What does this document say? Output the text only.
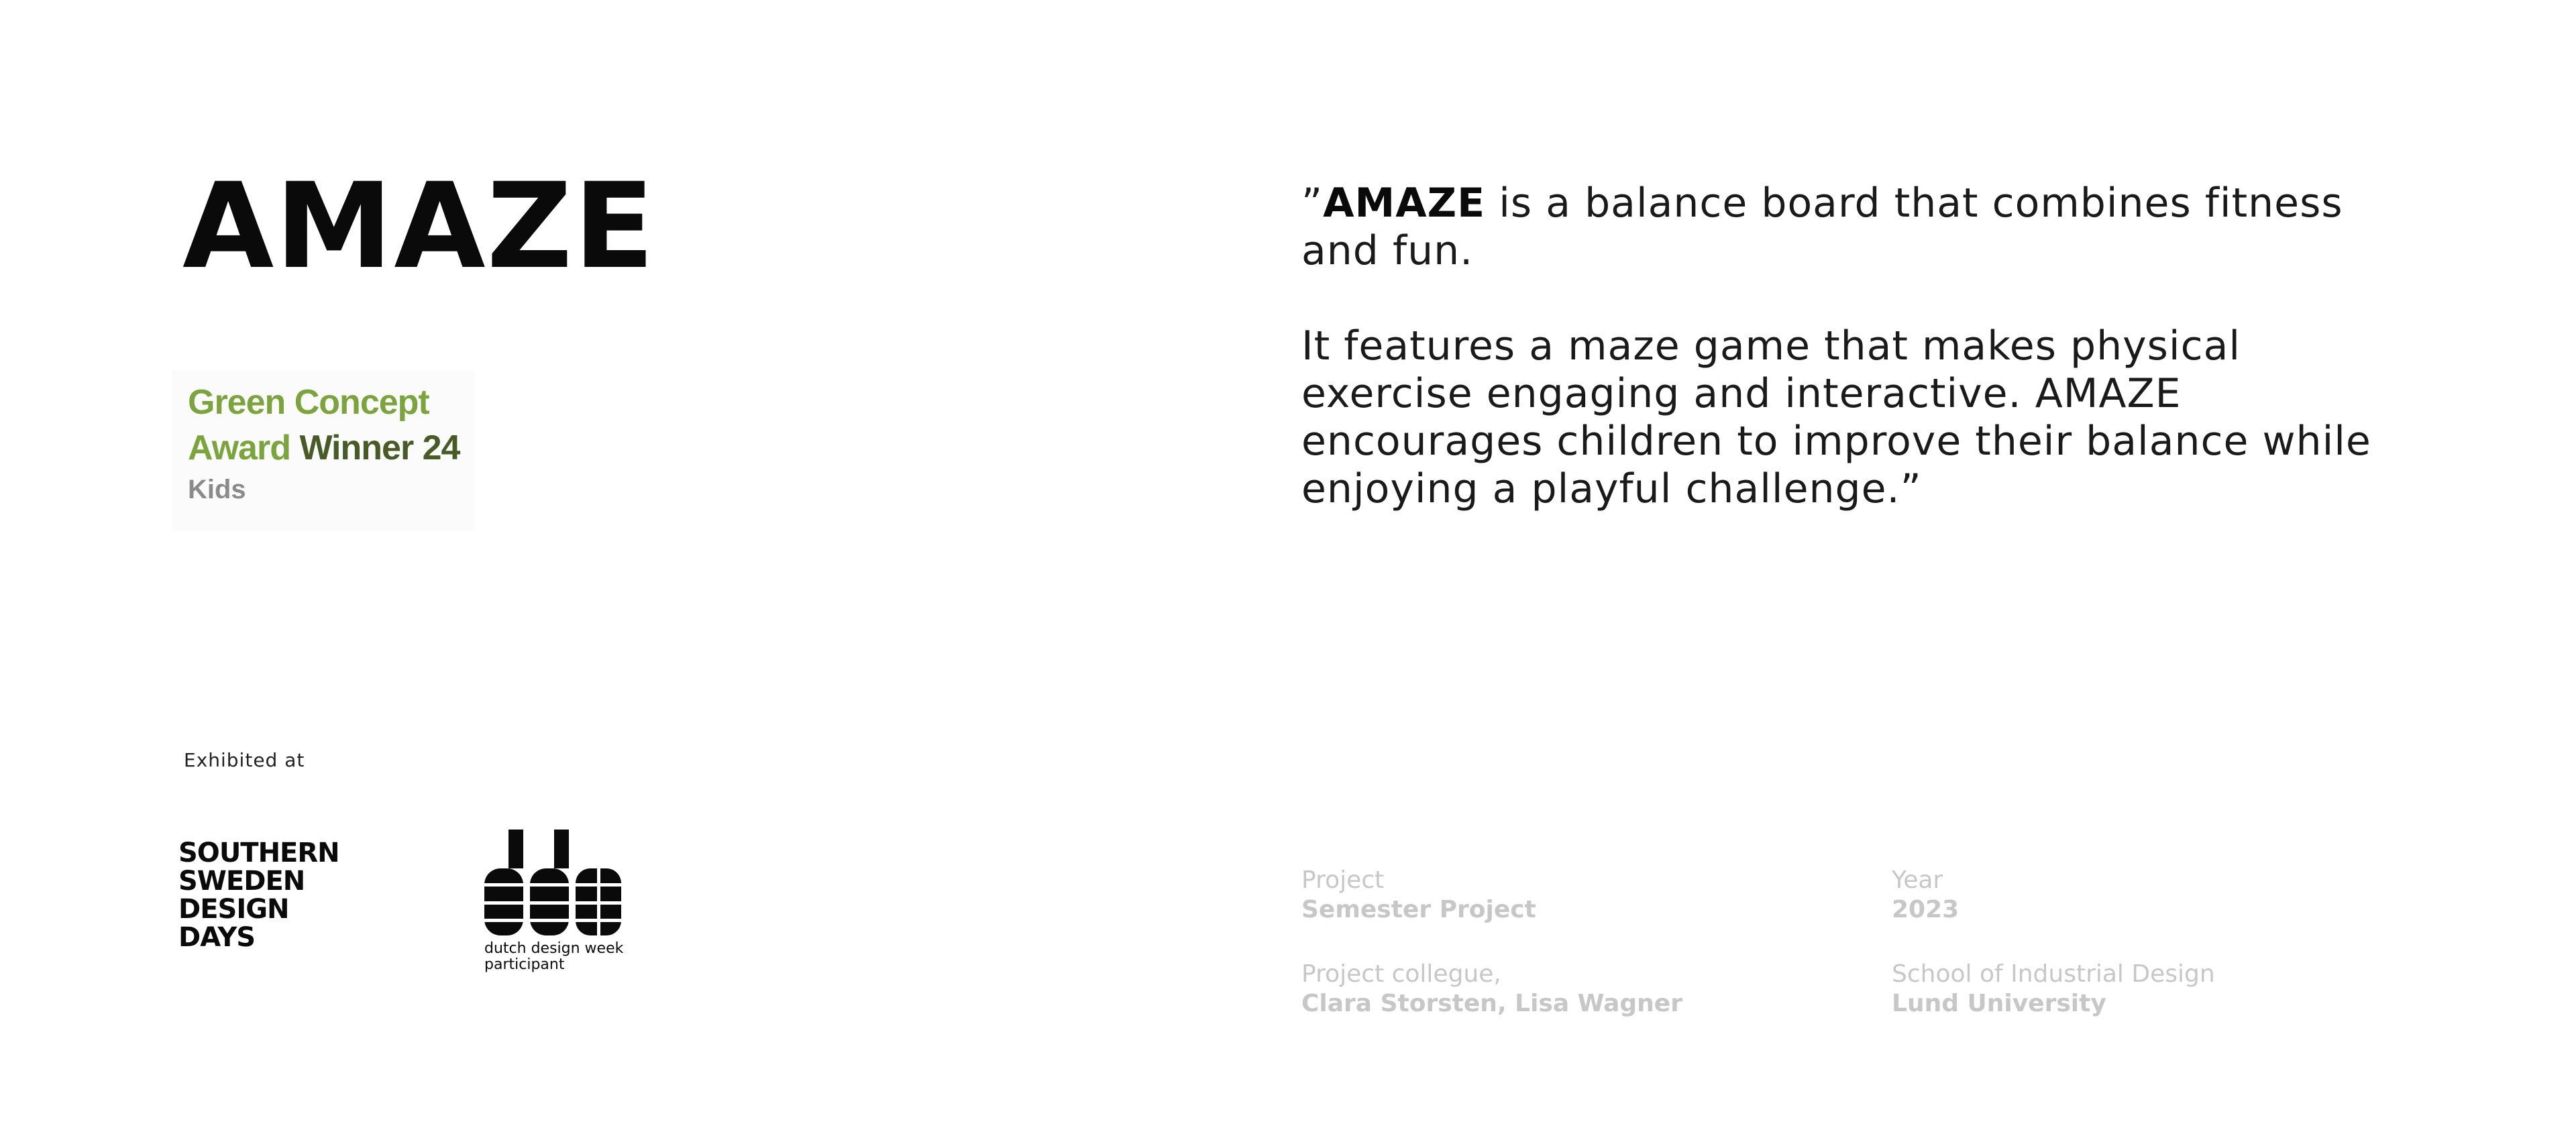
AMAZE
Green Concept
Award Winner 24
Kids

”AMAZE is a balance board that combines fitness and fun.

It features a maze game that makes physical exercise engaging and interactive. AMAZE encourages children to improve their balance while enjoying a playful challenge.”

Exhibited at
SOUTHERN
SWEDEN
DESIGN
DAYS	dutch design week
participant
Project
Semester Project
Year
2023
Project collegue,
Clara Storsten, Lisa Wagner
School of Industrial Design
Lund University
